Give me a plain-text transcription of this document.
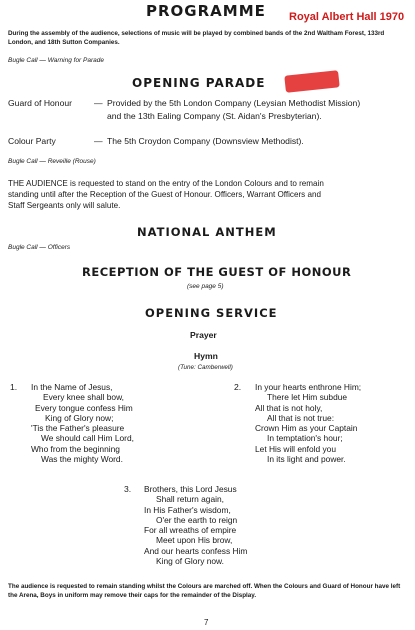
PROGRAMME Royal Albert Hall 1970
During the assembly of the audience, selections of music will be played by combined bands of the 2nd Waltham Forest, 133rd London, and 18th Sutton Companies.
Bugle Call — Warning for Parade
OPENING PARADE
Guard of Honour	— Provided by the 5th London Company (Leysian Methodist Mission)
and the 13th Ealing Company (St. Aidan's Presbyterian).
Colour Party	— The 5th Croydon Company (Downsview Methodist).
Bugle Call — Reveille (Rouse)
THE AUDIENCE is requested to stand on the entry of the London Colours and to remain
standing until after the Reception of the Guest of Honour. Officers, Warrant Officers and
Staff Sergeants only will salute.
NATIONAL ANTHEM
Bugle Call — Officers
RECEPTION OF THE GUEST OF HONOUR
(see page 5)
OPENING SERVICE
Prayer
Hymn
(Tune: Camberwell)
1. In the Name of Jesus,
Every knee shall bow,
Every tongue confess Him
King of Glory now;
'Tis the Father's pleasure
We should call Him Lord,
Who from the beginning
Was the mighty Word.
2. In your hearts enthrone Him;
There let Him subdue
All that is not holy,
All that is not true:
Crown Him as your Captain
In temptation's hour;
Let His will enfold you
In its light and power.
3. Brothers, this Lord Jesus
Shall return again,
In His Father's wisdom,
O'er the earth to reign
For all wreaths of empire
Meet upon His brow,
And our hearts confess Him
King of Glory now.
The audience is requested to remain standing whilst the Colours are marched off. When the Colours and Guard of Honour have left the Arena, Boys in uniform may remove their caps for the remainder of the Display.
7
